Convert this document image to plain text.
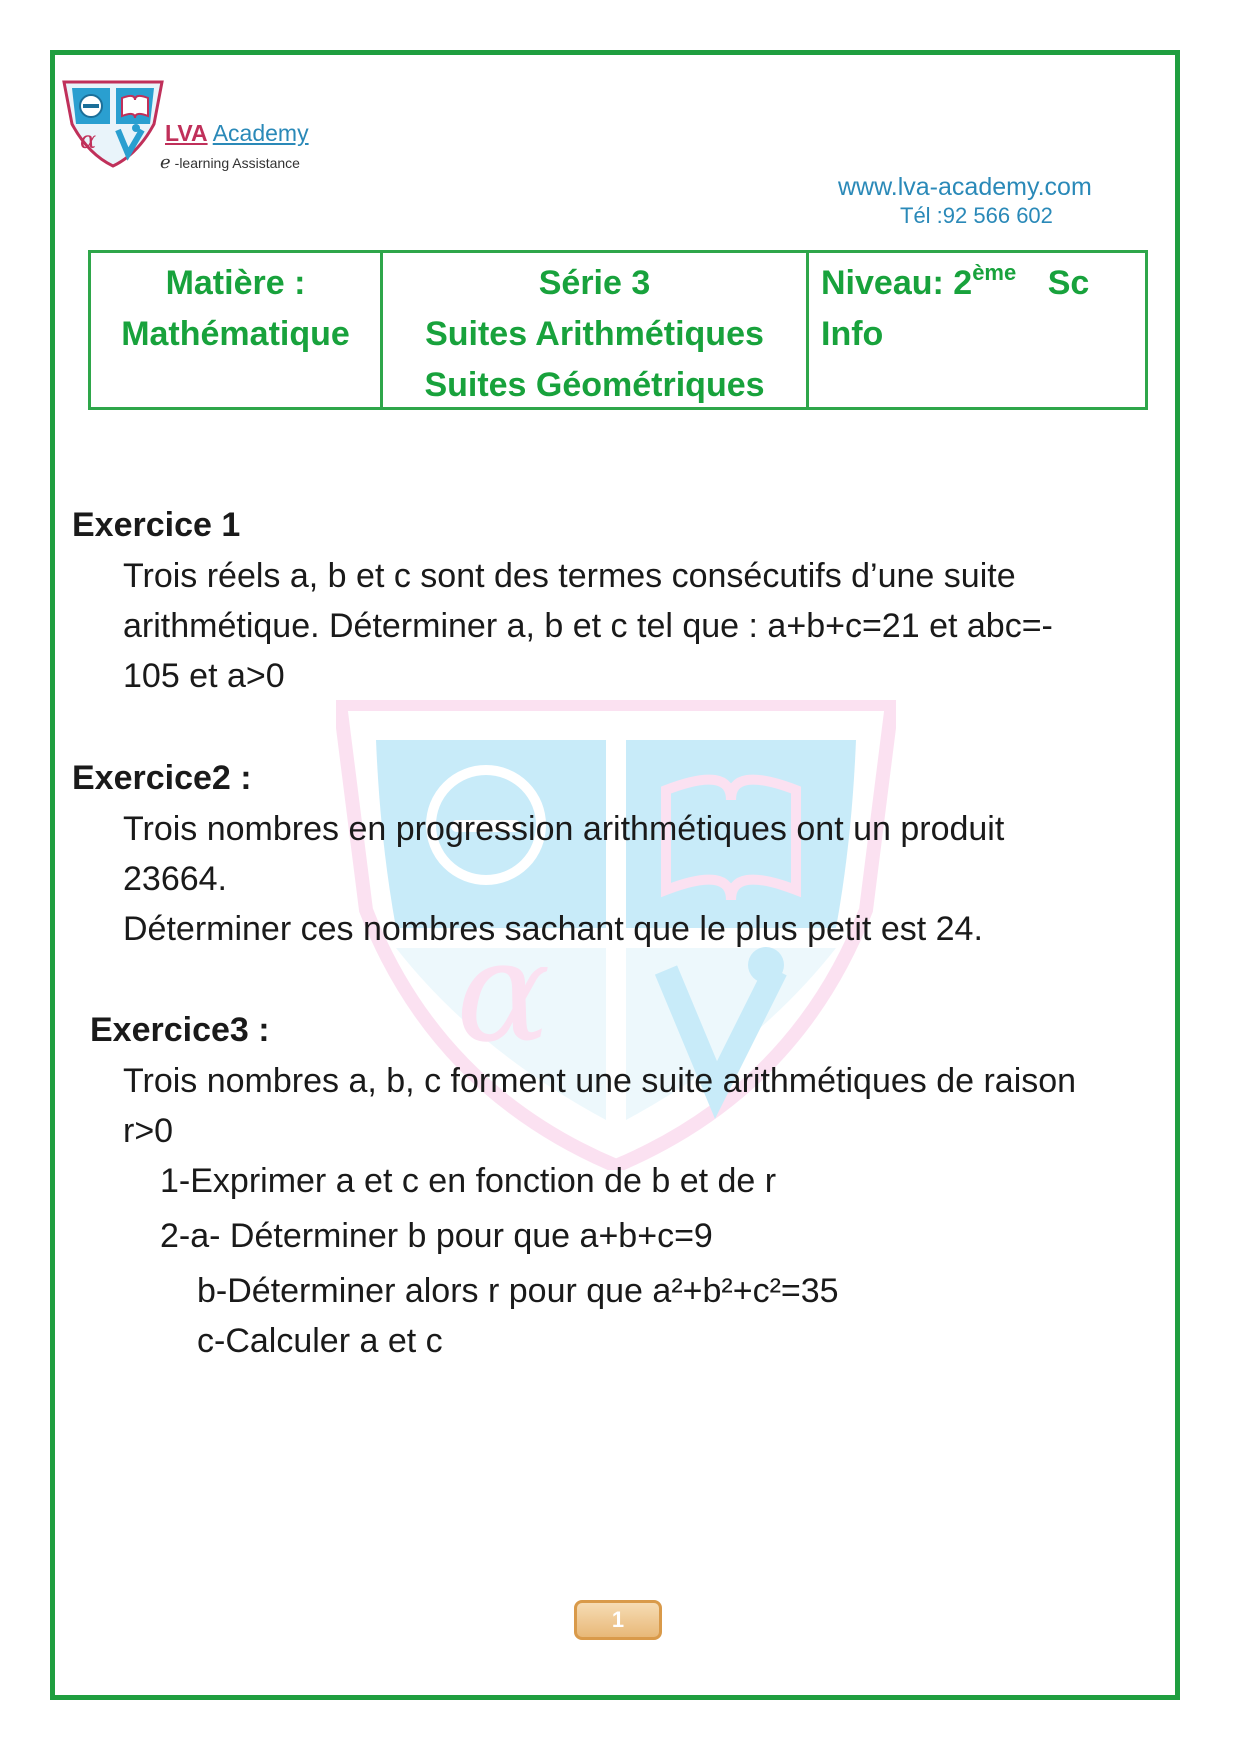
α	LVA Academy
e -learning Assistance
www.lva-academy.com
Tél :92 566 602
Matière :
Mathématique
Série 3
Suites Arithmétiques
Suites Géométriques
Niveau: 2ème Sc
Info
α
Exercice 1
Trois réels a, b et c sont des termes consécutifs d’une suite
arithmétique. Déterminer a, b et c tel que : a+b+c=21 et abc=-
105 et a>0
Exercice2 :
Trois nombres en progression arithmétiques ont un produit
23664.
Déterminer ces nombres sachant que le plus petit est 24.
Exercice3 :
Trois nombres a, b, c forment une suite arithmétiques de raison
r>0
1-Exprimer a et c en fonction de b et de r
2-a- Déterminer b pour que a+b+c=9
b-Déterminer alors r pour que a²+b²+c²=35
c-Calculer a et c
1
